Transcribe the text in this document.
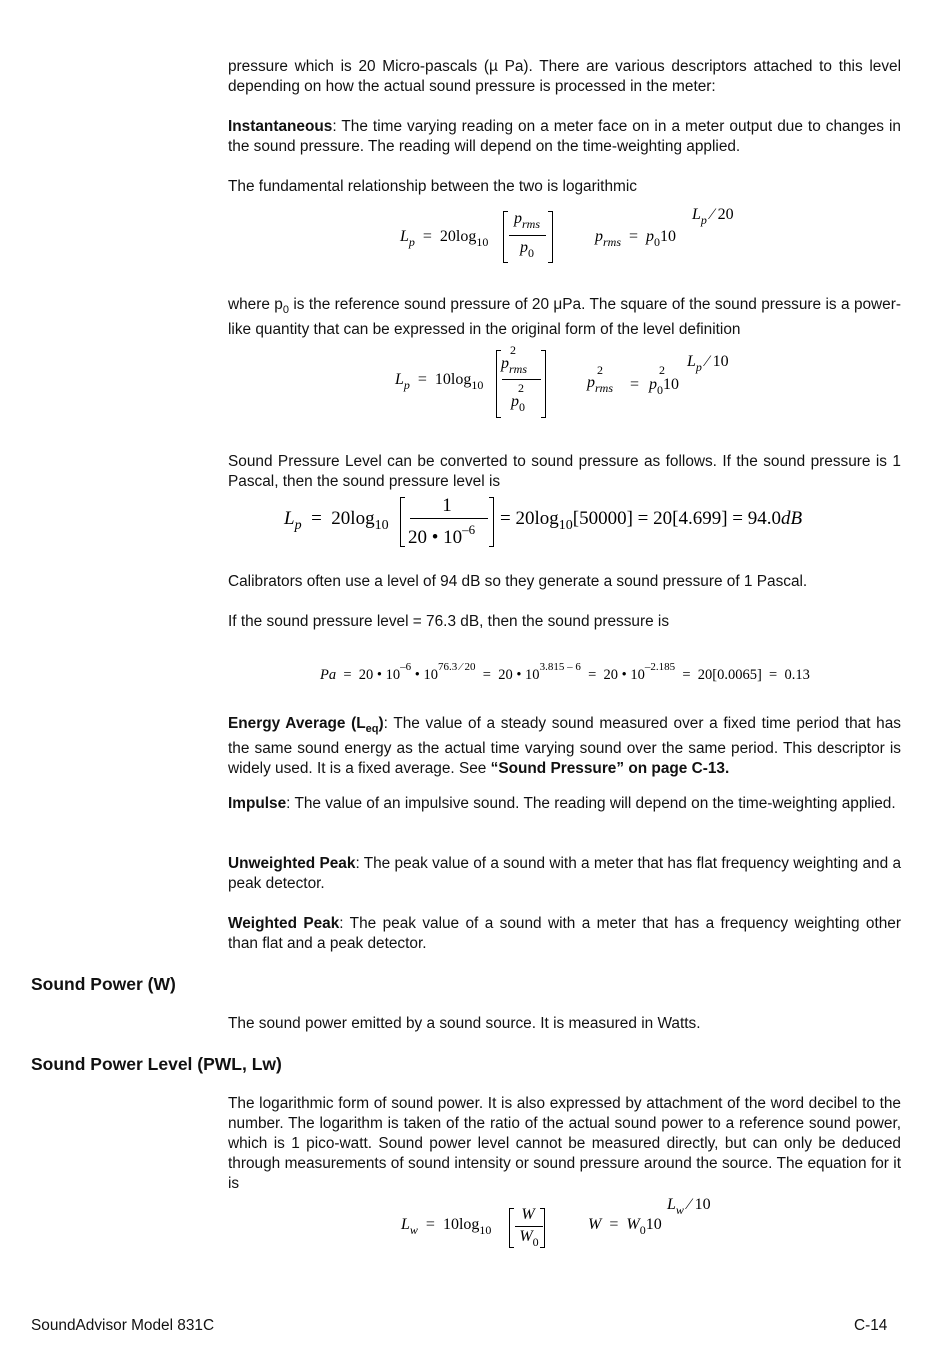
pressure which is 20 Micro-pascals (µ Pa). There are various descriptors attached to this level depending on how the actual sound pressure is processed in the meter:
Instantaneous: The time varying reading on a meter face on in a meter output due to changes in the sound pressure. The reading will depend on the time-weighting applied.
The fundamental relationship between the two is logarithmic
$L_p = 20\log_{10}$
$p_{rms}$
$p_0$
$p_{rms} = p_010$
$L_p$ ⁄ 20
where $p_0$ is the reference sound pressure of 20 μPa. The square of the sound pressure is a power-like quantity that can be expressed in the original form of the level definition
$L_p = 10\log_{10}$
2
$p_{rms}$
2
$p_0$
2
$p_{rms}$ =
2
$p_010$
$L_p$ ⁄ 10
Sound Pressure Level can be converted to sound pressure as follows. If the sound pressure is 1 Pascal, then the sound pressure level is
$L_p = 20\log_{10}$
1
20 • $10^{-6}$
= $20\log_{10}[50000] = 20[4.699] = 94.0dB$
Calibrators often use a level of 94 dB so they generate a sound pressure of 1 Pascal.
If the sound pressure level = 76.3 dB, then the sound pressure is
Pa  =  20 • $10^{-6}$ • $10^{76.3 ⁄ 20} = 20$ • $10^{3.815 - 6} = 20$ • $10^{-2.185} = 20[0.0065] = 0.13$
Energy Average $(L_{eq})$: The value of a steady sound measured over a fixed time period that has the same sound energy as the actual time varying sound over the same period. This descriptor is widely used. It is a fixed average. See “Sound Pressure” on page C-13.
Impulse: The value of an impulsive sound. The reading will depend on the time-weighting applied.
Unweighted Peak: The peak value of a sound with a meter that has flat frequency weighting and a peak detector.
Weighted Peak: The peak value of a sound with a meter that has a frequency weighting other than flat and a peak detector.
Sound Power (W)
The sound power emitted by a sound source. It is measured in Watts.
Sound Power Level (PWL, Lw)
The logarithmic form of sound power. It is also expressed by attachment of the word decibel to the number. The logarithm is taken of the ratio of the actual sound power to a reference sound power, which is 1 pico-watt. Sound power level cannot be measured directly, but can only be deduced through measurements of sound intensity or sound pressure around the source. The equation for it is
$L_w = 10\log_{10}$
W
$W_0$
$W = W_010$
$L_w$ ⁄ 10
SoundAdvisor Model 831C	C-14
